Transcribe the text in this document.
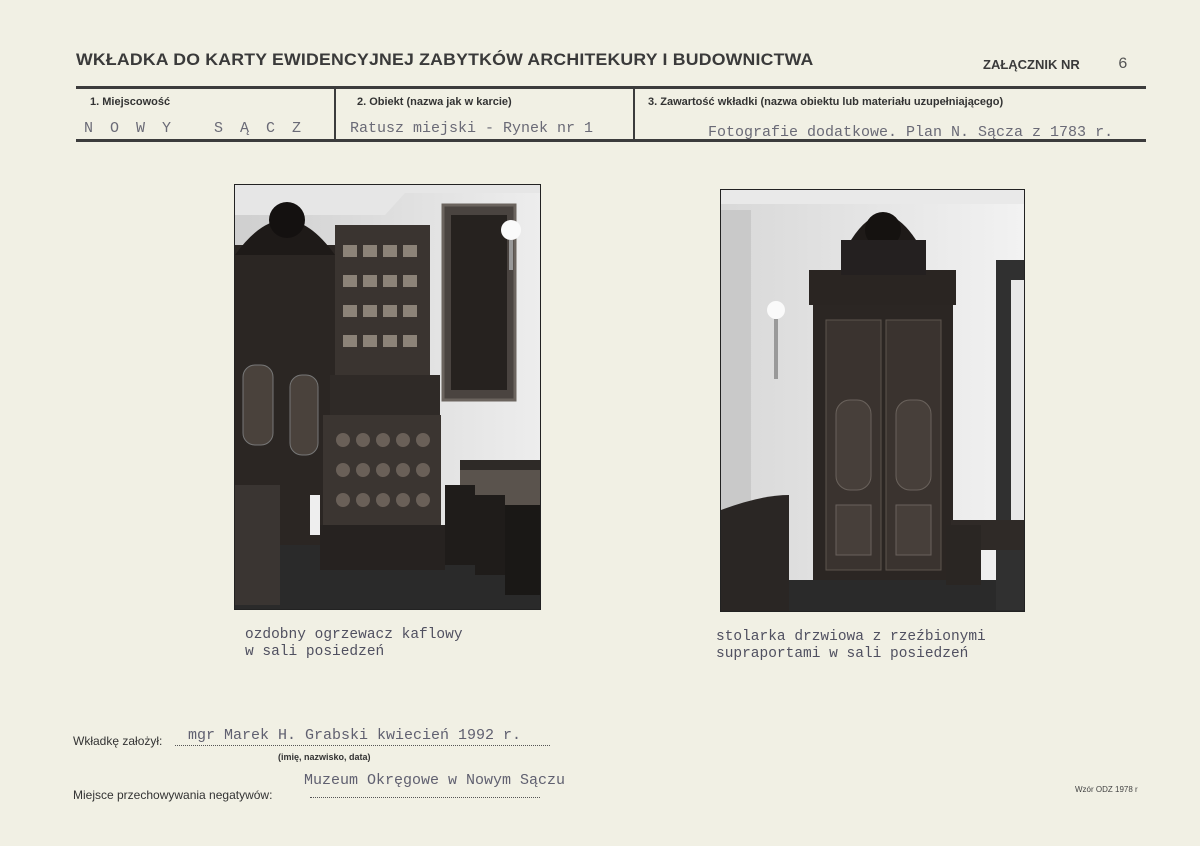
WKŁADKA DO KARTY EWIDENCYJNEJ ZABYTKÓW ARCHITEKURY I BUDOWNICTWA	ZAŁĄCZNIK NR 6
1. Miejscowość	2. Obiekt (nazwa jak w karcie)	3. Zawartość wkładki (nazwa obiektu lub materiału uzupełniającego)
N O W Y   S Ą C Z	Ratusz miejski - Rynek nr 1	Fotografie dodatkowe. Plan N. Sącza z 1783 r.
ozdobny ogrzewacz kaflowy
w sali posiedzeń
stolarka drzwiowa z rzeźbionymi
supraportami w sali posiedzeń
Wkładkę założył: mgr Marek H. Grabski kwiecień 1992 r.
(imię, nazwisko, data)
Miejsce przechowywania negatywów:
Muzeum Okręgowe w Nowym Sączu
Wzór ODZ 1978 r
